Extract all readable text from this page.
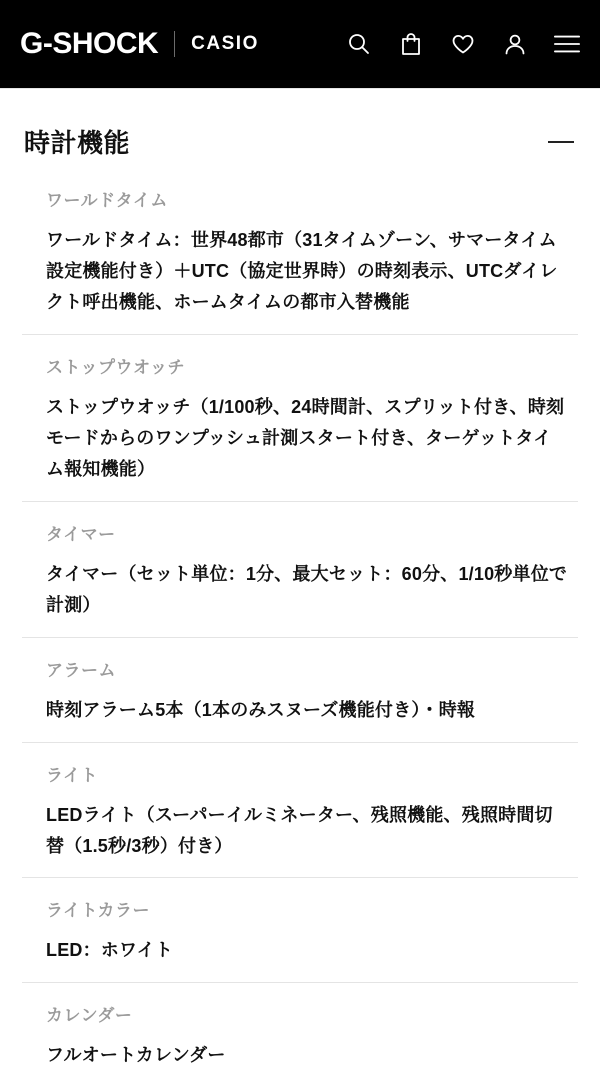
G-SHOCK CASIO
時計機能
ワールドタイム
ワールドタイム：世界48都市（31タイムゾーン、サマータイム設定機能付き）＋UTC（協定世界時）の時刻表示、UTCダイレクト呼出機能、ホームタイムの都市入替機能
ストップウオッチ
ストップウオッチ（1/100秒、24時間計、スプリット付き、時刻モードからのワンプッシュ計測スタート付き、ターゲットタイム報知機能）
タイマー
タイマー（セット単位：1分、最大セット：60分、1/10秒単位で計測）
アラーム
時刻アラーム5本（1本のみスヌーズ機能付き）・時報
ライト
LEDライト（スーパーイルミネーター、残照機能、残照時間切替（1.5秒/3秒）付き）
ライトカラー
LED：ホワイト
カレンダー
フルオートカレンダー
